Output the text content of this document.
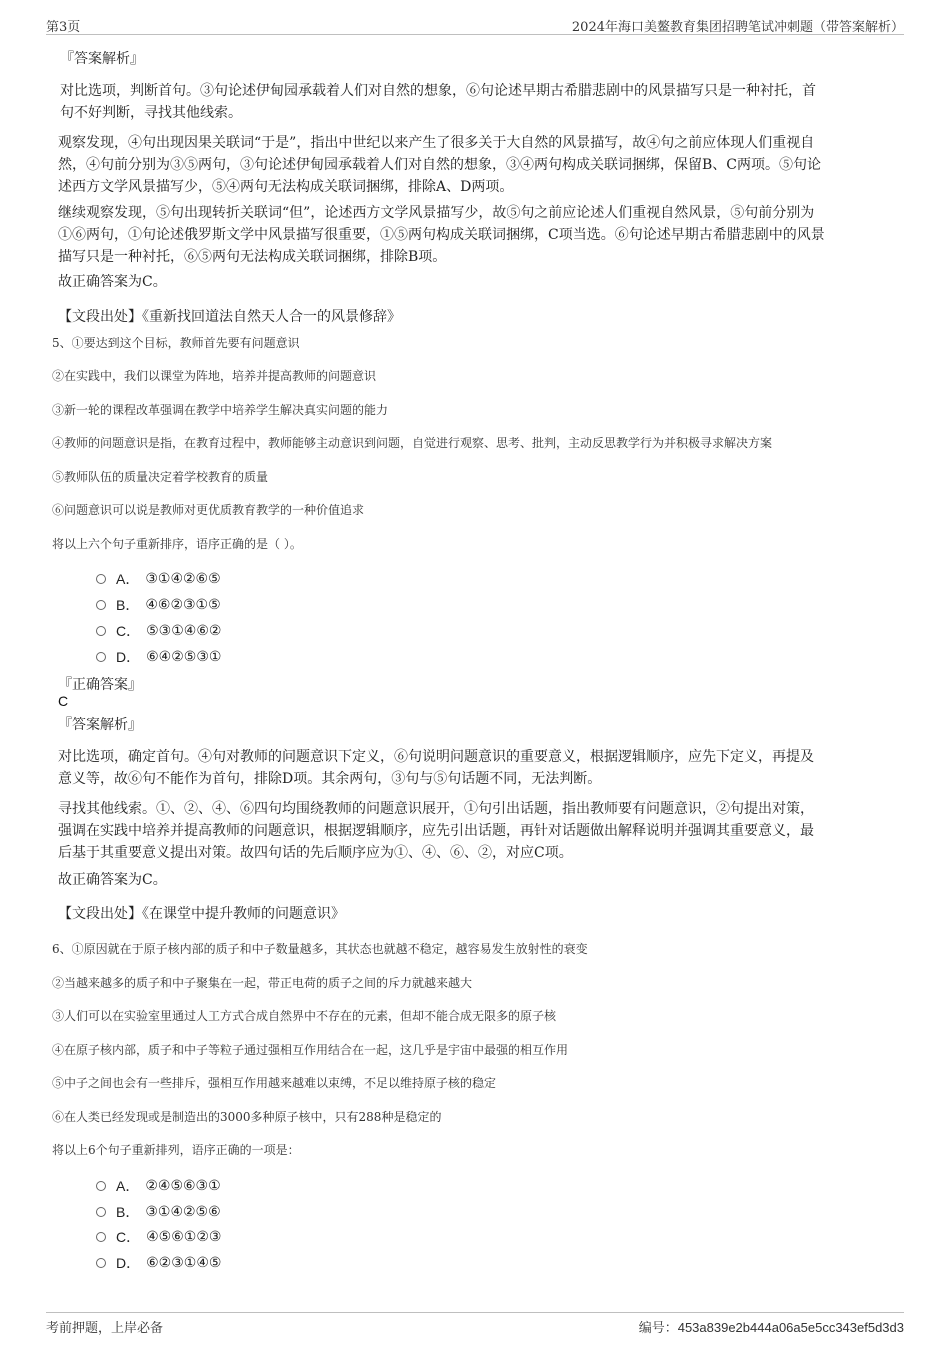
第3页	2024年海口美鳌教育集团招聘笔试冲刺题（带答案解析）
『答案解析』
对比选项，判断首句。③句论述伊甸园承载着人们对自然的想象，⑥句论述早期古希腊悲剧中的风景描写只是一种衬托，首
句不好判断，寻找其他线索。
观察发现，④句出现因果关联词“于是”，指出中世纪以来产生了很多关于大自然的风景描写，故④句之前应体现人们重视自
然，④句前分别为③⑤两句，③句论述伊甸园承载着人们对自然的想象，③④两句构成关联词捆绑，保留B、C两项。⑤句论
述西方文学风景描写少，⑤④两句无法构成关联词捆绑，排除A、D两项。
继续观察发现，⑤句出现转折关联词“但”，论述西方文学风景描写少，故⑤句之前应论述人们重视自然风景，⑤句前分别为
①⑥两句，①句论述俄罗斯文学中风景描写很重要，①⑤两句构成关联词捆绑，C项当选。⑥句论述早期古希腊悲剧中的风景
描写只是一种衬托，⑥⑤两句无法构成关联词捆绑，排除B项。
故正确答案为C。
【文段出处】《重新找回道法自然天人合一的风景修辞》
5、①要达到这个目标，教师首先要有问题意识
②在实践中，我们以课堂为阵地，培养并提高教师的问题意识
③新一轮的课程改革强调在教学中培养学生解决真实问题的能力
④教师的问题意识是指，在教育过程中，教师能够主动意识到问题，自觉进行观察、思考、批判，主动反思教学行为并积极寻求解决方案
⑤教师队伍的质量决定着学校教育的质量
⑥问题意识可以说是教师对更优质教育教学的一种价值追求
将以上六个句子重新排序，语序正确的是（ ）。
A． ③①④②⑥⑤
B． ④⑥②③①⑤
C． ⑤③①④⑥②
D． ⑥④②⑤③①
『正确答案』
C
『答案解析』
对比选项，确定首句。④句对教师的问题意识下定义，⑥句说明问题意识的重要意义，根据逻辑顺序，应先下定义，再提及
意义等，故⑥句不能作为首句，排除D项。其余两句，③句与⑤句话题不同，无法判断。
寻找其他线索。①、②、④、⑥四句均围绕教师的问题意识展开，①句引出话题，指出教师要有问题意识，②句提出对策，
强调在实践中培养并提高教师的问题意识，根据逻辑顺序，应先引出话题，再针对话题做出解释说明并强调其重要意义，最
后基于其重要意义提出对策。故四句话的先后顺序应为①、④、⑥、②，对应C项。
故正确答案为C。
【文段出处】《在课堂中提升教师的问题意识》
6、①原因就在于原子核内部的质子和中子数量越多，其状态也就越不稳定，越容易发生放射性的衰变
②当越来越多的质子和中子聚集在一起，带正电荷的质子之间的斥力就越来越大
③人们可以在实验室里通过人工方式合成自然界中不存在的元素，但却不能合成无限多的原子核
④在原子核内部，质子和中子等粒子通过强相互作用结合在一起，这几乎是宇宙中最强的相互作用
⑤中子之间也会有一些排斥，强相互作用越来越难以束缚，不足以维持原子核的稳定
⑥在人类已经发现或是制造出的3000多种原子核中，只有288种是稳定的
将以上6个句子重新排列，语序正确的一项是：
A． ②④⑤⑥③①
B． ③①④②⑤⑥
C． ④⑤⑥①②③
D． ⑥②③①④⑤
考前押题，上岸必备	编号：453a839e2b444a06a5e5cc343ef5d3d3
